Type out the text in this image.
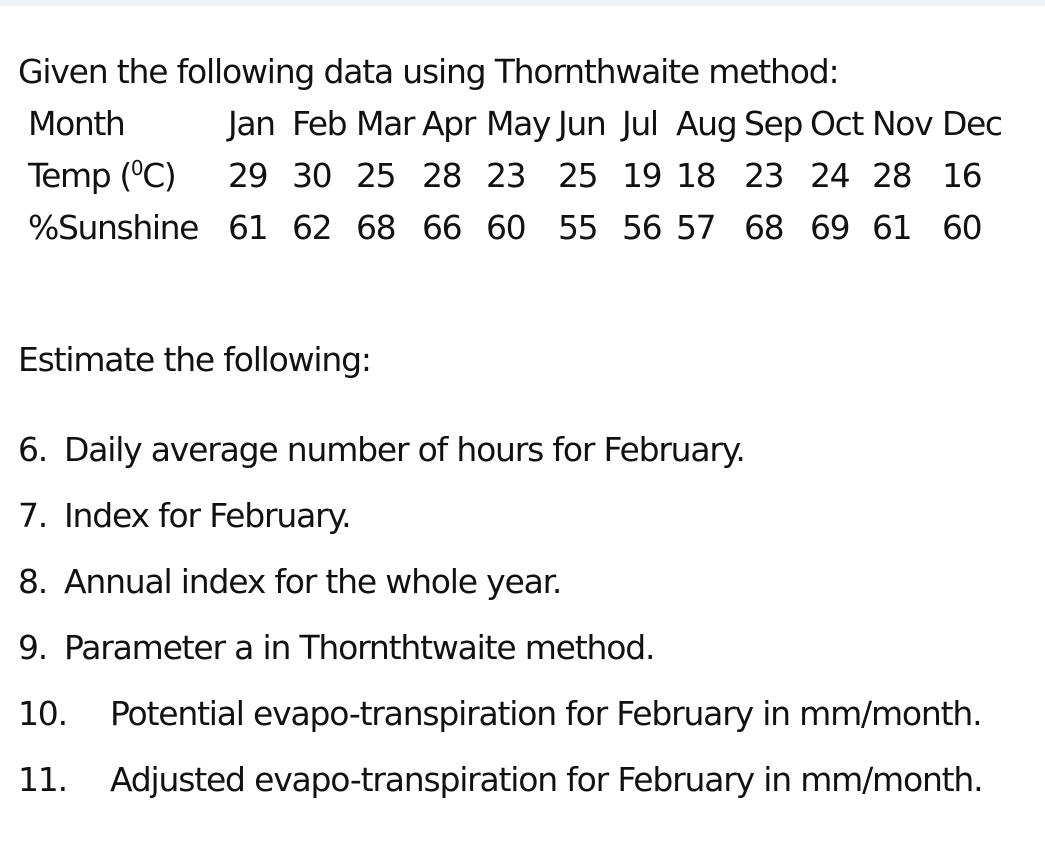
Given the following data using Thornthwaite method:
Month	Jan	Feb	Mar	Apr	May	Jun	Jul	Aug	Sep	Oct	Nov	Dec
Temp ($^0$C)	29	30	25	28	23	25	19	18	23	24	28	16
%Sunshine	61	62	68	66	60	55	56	57	68	69	61	60
Estimate the following:
6. Daily average number of hours for February.
7. Index for February.
8. Annual index for the whole year.
9. Parameter a in Thornthtwaite method.
10. Potential evapo-transpiration for February in mm/month.
11. Adjusted evapo-transpiration for February in mm/month.
